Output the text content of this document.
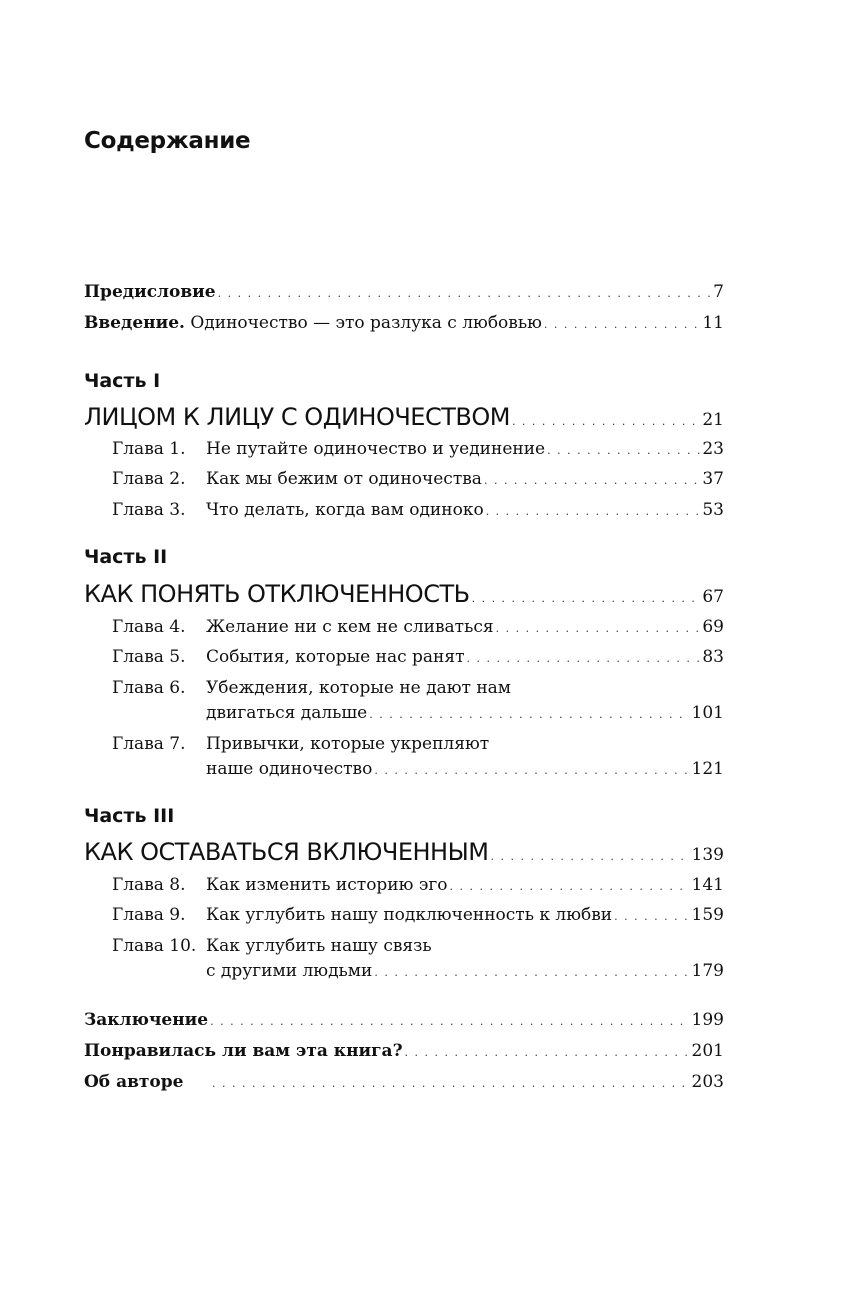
Содержание
Предисловие . . .	7
Введение. Одиночество — это разлука с любовью . . .	11
Часть I
ЛИЦОМ К ЛИЦУ С ОДИНОЧЕСТВОМ . . .	21
Глава 1.	Не путайте одиночество и уединение . . .	23
Глава 2.	Как мы бежим от одиночества . . .	37
Глава 3.	Что делать, когда вам одиноко . . .	53
Часть II
КАК ПОНЯТЬ ОТКЛЮЧЕННОСТЬ . . .	67
Глава 4.	Желание ни с кем не сливаться . . .	69
Глава 5.	События, которые нас ранят . . .	83
Глава 6.	Убеждения, которые не дают нам
двигаться дальше . . .	101
Глава 7.	Привычки, которые укрепляют
наше одиночество . . .	121
Часть III
КАК ОСТАВАТЬСЯ ВКЛЮЧЕННЫМ . . .	139
Глава 8.	Как изменить историю эго . . .	141
Глава 9.	Как углубить нашу подключенность к любви . . .	159
Глава 10. Как углубить нашу связь
с другими людьми . . .	179
Заключение . . .	199
Понравилась ли вам эта книга? . . .	201
Об авторе . . .	203
